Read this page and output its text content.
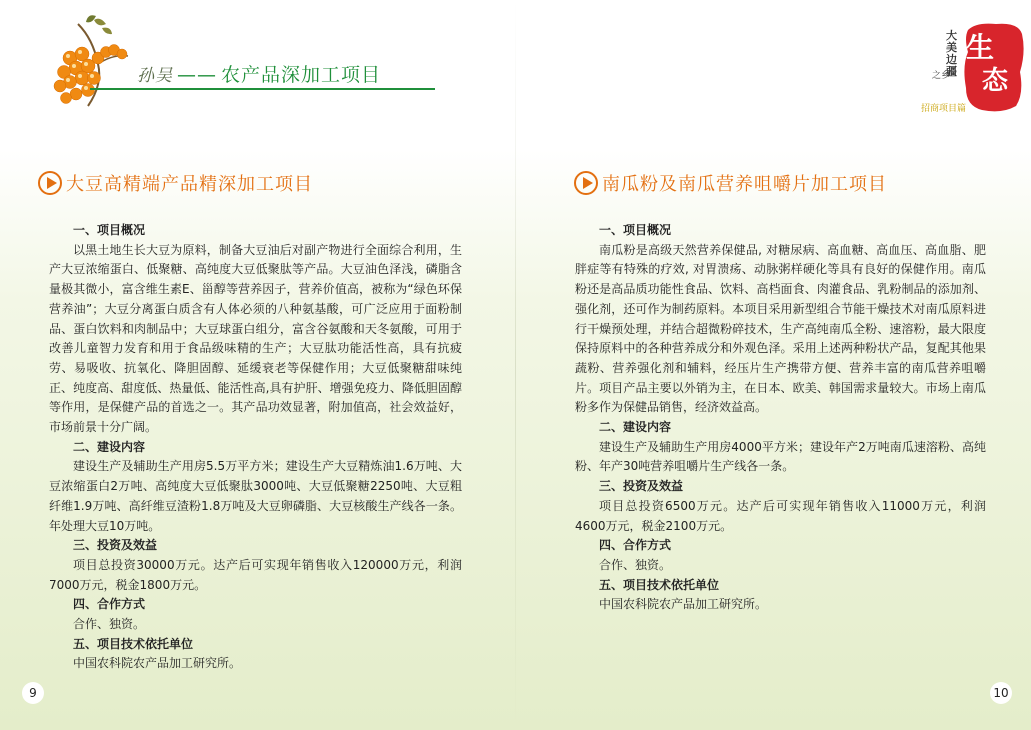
孙吴 —— 农产品深加工项目
生
态
大美边疆
之乡
招商项目篇
大豆高精端产品精深加工项目
一、项目概况
以黑土地生长大豆为原料，制备大豆油后对副产物进行全面综合利用，生产大豆浓缩蛋白、低聚糖、高纯度大豆低聚肽等产品。大豆油色泽浅，磷脂含量极其微小，富含维生素E、甾醇等营养因子，营养价值高，被称为“绿色环保营养油”；大豆分离蛋白质含有人体必须的八种氨基酸，可广泛应用于面粉制品、蛋白饮料和肉制品中；大豆球蛋白组分，富含谷氨酸和天冬氨酸，可用于改善儿童智力发育和用于食品级味精的生产；大豆肽功能活性高，具有抗疲劳、易吸收、抗氧化、降胆固醇、延缓衰老等保健作用；大豆低聚糖甜味纯正、纯度高、甜度低、热量低、能活性高,具有护肝、增强免疫力、降低胆固醇等作用，是保健产品的首选之一。其产品功效显著，附加值高，社会效益好，市场前景十分广阔。
二、建设内容
建设生产及辅助生产用房5.5万平方米；建设生产大豆精炼油1.6万吨、大豆浓缩蛋白2万吨、高纯度大豆低聚肽3000吨、大豆低聚糖2250吨、大豆粗纤维1.9万吨、高纤维豆渣粉1.8万吨及大豆卵磷脂、大豆核酸生产线各一条。年处理大豆10万吨。
三、投资及效益
项目总投资30000万元。达产后可实现年销售收入120000万元，利润7000万元，税金1800万元。
四、合作方式
合作、独资。
五、项目技术依托单位
中国农科院农产品加工研究所。
南瓜粉及南瓜营养咀嚼片加工项目
一、项目概况
南瓜粉是高级天然营养保健品, 对糖尿病、高血糖、高血压、高血脂、肥胖症等有特殊的疗效, 对胃溃疡、动脉粥样硬化等具有良好的保健作用。南瓜粉还是高品质功能性食品、饮料、高档面食、肉灌食品、乳粉制品的添加剂、强化剂，还可作为制药原料。本项目采用新型组合节能干燥技术对南瓜原料进行干燥预处理，并结合超微粉碎技术，生产高纯南瓜全粉、速溶粉，最大限度保持原料中的各种营养成分和外观色泽。采用上述两种粉状产品，复配其他果蔬粉、营养强化剂和辅料，经压片生产携带方便、营养丰富的南瓜营养咀嚼片。项目产品主要以外销为主，在日本、欧美、韩国需求量较大。市场上南瓜粉多作为保健品销售，经济效益高。
二、建设内容
建设生产及辅助生产用房4000平方米；建设年产2万吨南瓜速溶粉、高纯粉、年产30吨营养咀嚼片生产线各一条。
三、投资及效益
项目总投资6500万元。达产后可实现年销售收入11000万元，利润4600万元，税金2100万元。
四、合作方式
合作、独资。
五、项目技术依托单位
中国农科院农产品加工研究所。
9	10
